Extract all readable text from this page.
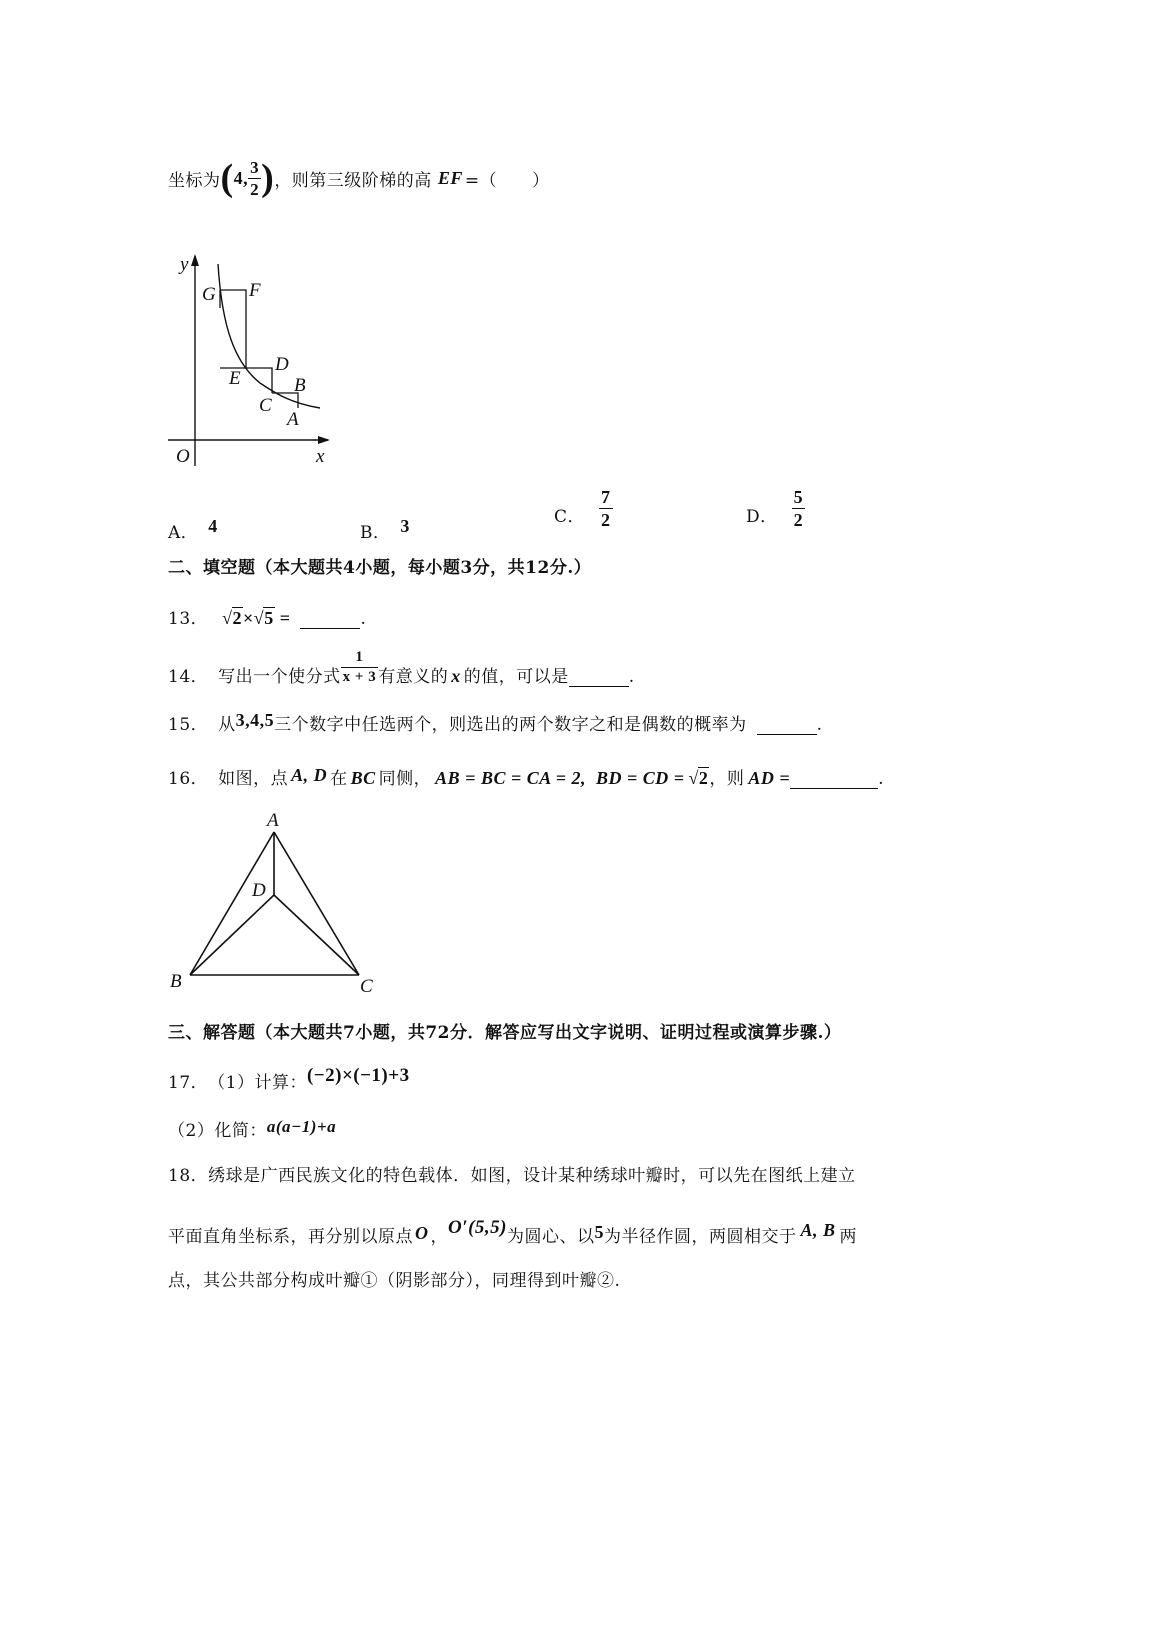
坐标为 ( 4, $\frac{3}{2}$ ) ，则第三级阶梯的高 EF =（　　）
y
x
O
G F
D
E	B
C
A
A． 4	B． 3	C． $\frac{7}{2}$	D． $\frac{5}{2}$
二、填空题（本大题共4小题，每小题3分，共12分.）
13． √2×√5 =	.
14． 写出一个使分式 $\frac{1}{x + 3}$ 有意义的 x 的值，可以是	.
15． 从 3,4,5 三个数字中任选两个，则选出的两个数字之和是偶数的概率为	.
16． 如图，点 A, D 在 BC 同侧， AB = BC = CA = 2, BD = CD = √2 ，则 AD =	.
A
D
B	C
三、解答题（本大题共7小题，共72分．解答应写出文字说明、证明过程或演算步骤.）
17． （1）计算： (−2)×(−1)+3
（2）化简： a(a−1)+a
18．绣球是广西民族文化的特色载体．如图，设计某种绣球叶瓣时，可以先在图纸上建立
平面直角坐标系，再分别以原点 O ， O′(5,5) 为圆心、以 5 为半径作圆，两圆相交于 A, B 两
点，其公共部分构成叶瓣①（阴影部分），同理得到叶瓣②.
